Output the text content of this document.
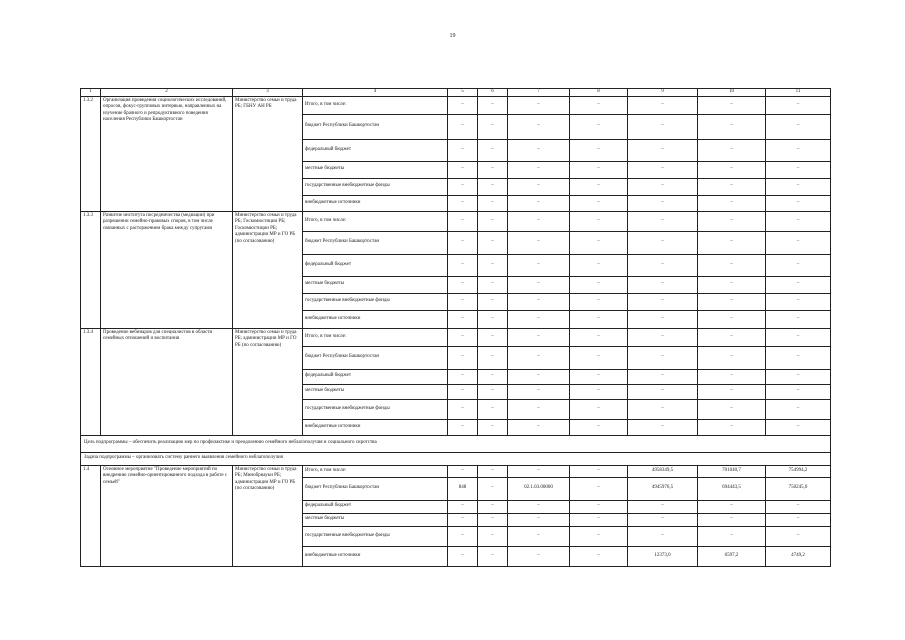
19
1	2	3	4	5	6	7	8	9	10	11
1.3.2	Организация проведения социологических исследований, опросов, фокус-групповых интервью, направленных на изучение брачного и репродуктивного поведения населения Республики Башкортостан	Министерство семьи и труда РБ; ГБНУ АН РБ	Итого, в том числе:	–	–	–	–	–	–	–
			бюджет Республики Башкортостан	–	–	–	–	–	–	–
			федеральный бюджет	–	–	–	–	–	–	–
			местные бюджеты	–	–	–	–	–	–	–
			государственные внебюджетные фонды	–	–	–	–	–	–	–
			внебюджетные источники	–	–	–	–	–	–	–
1.3.3	Развитие института посредничества (медиации) при разрешении семейно-правовых споров, в том числе связанных с расторжением брака между супругами	Министерство семьи и труда РБ; Госкомюстиции РБ; Госкомюстиции РБ; администрации МР и ГО РБ (по согласованию)	Итого, в том числе:	–	–	–	–	–	–	–
			бюджет Республики Башкортостан	–	–	–	–	–	–	–
			федеральный бюджет	–	–	–	–	–	–	–
			местные бюджеты	–	–	–	–	–	–	–
			государственные внебюджетные фонды	–	–	–	–	–	–	–
			внебюджетные источники	–	–	–	–	–	–	–
1.3.4	Проведение вебинаров для специалистов в области семейных отношений и воспитания	Министерство семьи и труда РБ; администрации МР и ГО РБ (по согласованию)	Итого, в том числе:	–	–	–	–	–	–	–
			бюджет Республики Башкортостан	–	–	–	–	–	–	–
			федеральный бюджет	–	–	–	–	–	–	–
			местные бюджеты	–	–	–	–	–	–	–
			государственные внебюджетные фонды	–	–	–	–	–	–	–
			внебюджетные источники	–	–	–	–	–	–	–
Цель подпрограммы – обеспечить реализацию мер по профилактике и преодолению семейного неблагополучия и социального сиротства										
Задача подпрограммы – организовать систему раннего выявления семейного неблагополучия										
1.4	Основное мероприятие "Проведение мероприятий по внедрению семейно-ориентированного подхода в работе с семьей"	Министерство семьи и труда РБ; Минобрнауки РБ; администрации МР и ГО РБ (по согласованию)	Итого, в том числе:	–	–	–	–	4958349,5	701040,7	754994,2
			бюджет Республики Башкортостан	848	–	02.1.03.00000	–	4945976,5	694443,5	750245,0
			федеральный бюджет	–	–	–	–	–	–	–
			местные бюджеты	–	–	–	–	–	–	–
			государственные внебюджетные фонды	–	–	–	–	–	–	–
			внебюджетные источники	–	–	–	–	12373,0	6597,2	4749,2
